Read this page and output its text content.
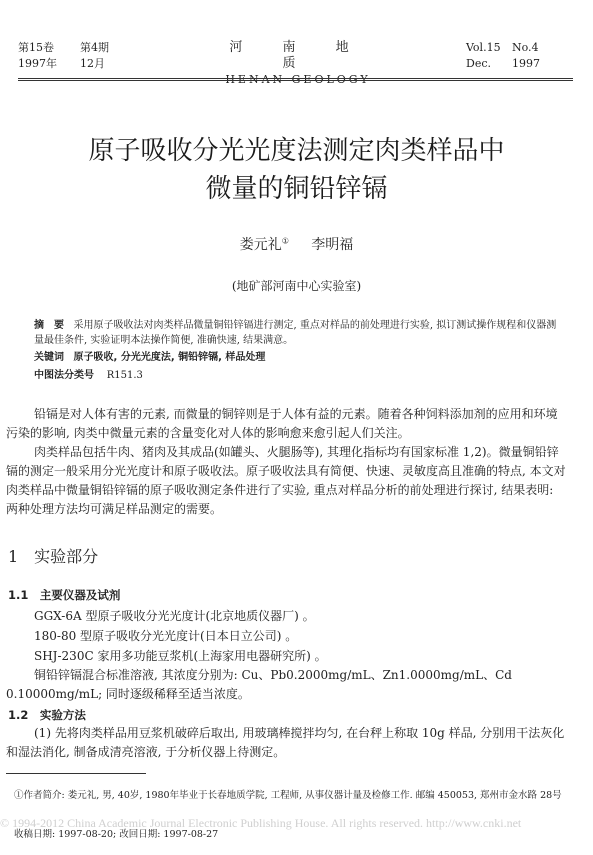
第15卷 第4期
1997年 12月
河 南 地 质
HENAN GEOLOGY
Vol.15 No.4
Dec. 1997
原子吸收分光光度法测定肉类样品中
微量的铜铅锌镉
娄元礼① 李明福
(地矿部河南中心实验室)
摘　要 采用原子吸收法对肉类样品微量铜铅锌镉进行测定, 重点对样品的前处理进行实验, 拟订测试操作规程和仪器测量最佳条件, 实验证明本法操作简便, 准确快速, 结果满意。
关键词 原子吸收, 分光光度法, 铜铅锌镉, 样品处理
中图法分类号 R151.3
铅镉是对人体有害的元素, 而微量的铜锌则是于人体有益的元素。随着各种饲料添加剂的应用和环境污染的影响, 肉类中微量元素的含量变化对人体的影响愈来愈引起人们关注。
肉类样品包括牛肉、猪肉及其成品(如罐头、火腿肠等), 其理化指标均有国家标准 1,2)。微量铜铅锌镉的测定一般采用分光光度计和原子吸收法。原子吸收法具有简便、快速、灵敏度高且准确的特点, 本文对肉类样品中微量铜铅锌镉的原子吸收测定条件进行了实验, 重点对样品分析的前处理进行探讨, 结果表明: 两种处理方法均可满足样品测定的需要。
1　实验部分
1.1　主要仪器及试剂
GGX-6A 型原子吸收分光光度计(北京地质仪器厂) 。
180-80 型原子吸收分光光度计(日本日立公司) 。
SHJ-230C 家用多功能豆浆机(上海家用电器研究所) 。
铜铅锌镉混合标准溶液, 其浓度分别为: Cu、Pb0.2000mg/mL、Zn1.0000mg/mL、Cd 0.10000mg/mL; 同时逐级稀释至适当浓度。
1.2　实验方法
(1) 先将肉类样品用豆浆机破碎后取出, 用玻璃棒搅拌均匀, 在台秤上称取 10g 样品, 分别用干法灰化和湿法消化, 制备成清亮溶液, 于分析仪器上待测定。
①作者简介: 娄元礼, 男, 40岁, 1980年毕业于长春地质学院, 工程师, 从事仪器计量及检修工作. 邮编 450053, 郑州市金水路 28号
© 1994-2012 China Academic Journal Electronic Publishing House. All rights reserved. http://www.cnki.net
收稿日期: 1997-08-20; 改回日期: 1997-08-27
